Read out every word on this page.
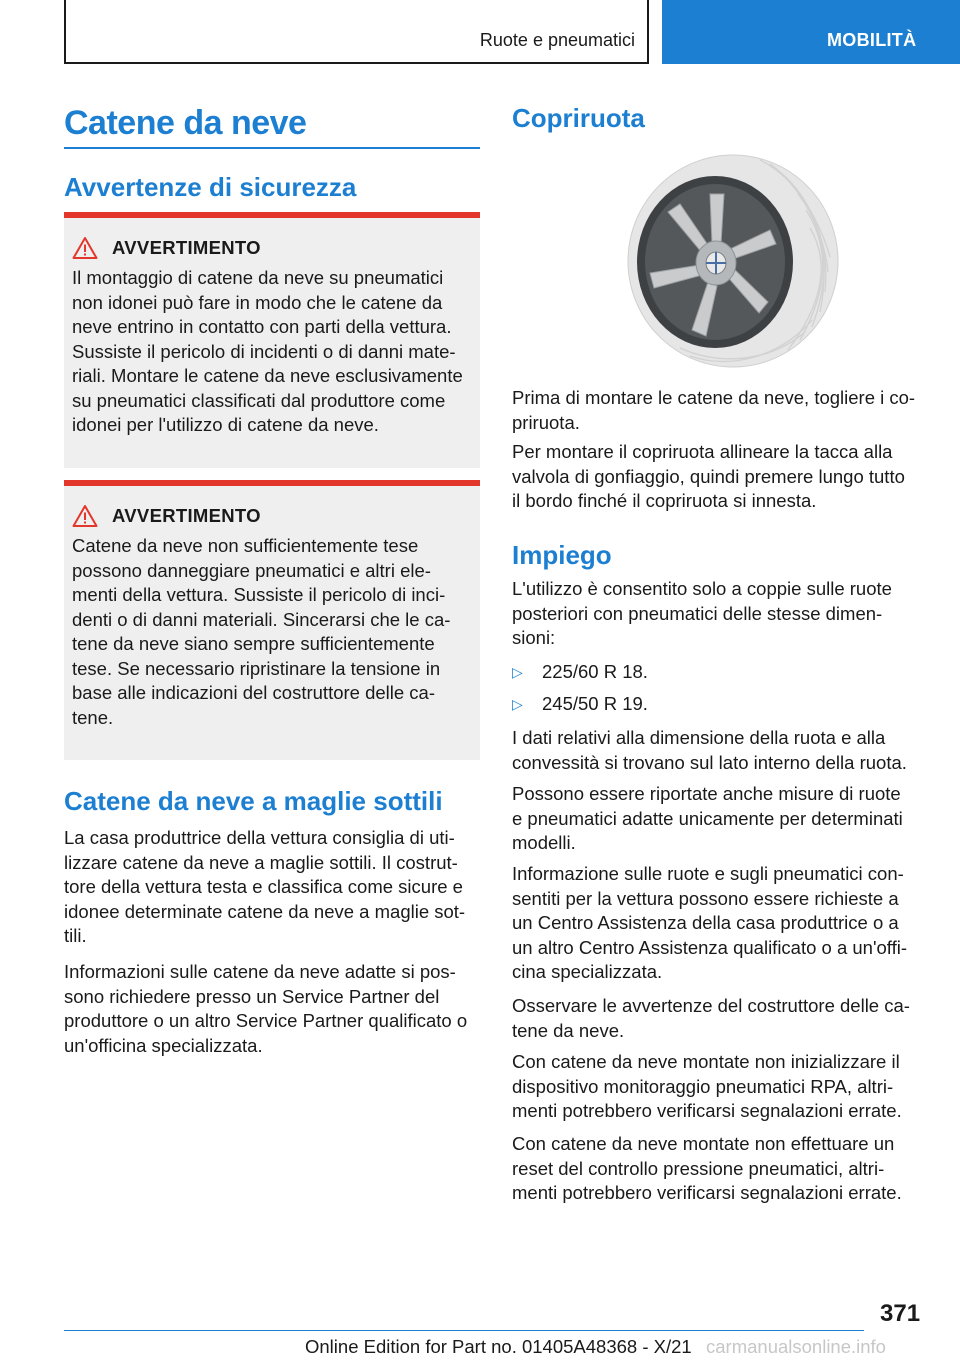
Ruote e pneumatici	MOBILITÀ
Catene da neve
Avvertenze di sicurezza
AVVERTIMENTO
Il montaggio di catene da neve su pneumatici
non idonei può fare in modo che le catene da
neve entrino in contatto con parti della vettura.
Sussiste il pericolo di incidenti o di danni mate-
riali. Montare le catene da neve esclusivamente
su pneumatici classificati dal produttore come
idonei per l'utilizzo di catene da neve.
AVVERTIMENTO
Catene da neve non sufficientemente tese
possono danneggiare pneumatici e altri ele-
menti della vettura. Sussiste il pericolo di inci-
denti o di danni materiali. Sincerarsi che le ca-
tene da neve siano sempre sufficientemente
tese. Se necessario ripristinare la tensione in
base alle indicazioni del costruttore delle ca-
tene.
Catene da neve a maglie sottili
La casa produttrice della vettura consiglia di uti-
lizzare catene da neve a maglie sottili. Il costrut-
tore della vettura testa e classifica come sicure e
idonee determinate catene da neve a maglie sot-
tili.
Informazioni sulle catene da neve adatte si pos-
sono richiedere presso un Service Partner del
produttore o un altro Service Partner qualificato o
un'officina specializzata.
Copriruota
Prima di montare le catene da neve, togliere i co-
priruota.
Per montare il copriruota allineare la tacca alla
valvola di gonfiaggio, quindi premere lungo tutto
il bordo finché il copriruota si innesta.
Impiego
L'utilizzo è consentito solo a coppie sulle ruote
posteriori con pneumatici delle stesse dimen-
sioni:
▷	225/60 R 18.
▷	245/50 R 19.
I dati relativi alla dimensione della ruota e alla
convessità si trovano sul lato interno della ruota.
Possono essere riportate anche misure di ruote
e pneumatici adatte unicamente per determinati
modelli.
Informazione sulle ruote e sugli pneumatici con-
sentiti per la vettura possono essere richieste a
un Centro Assistenza della casa produttrice o a
un altro Centro Assistenza qualificato o a un'offi-
cina specializzata.
Osservare le avvertenze del costruttore delle ca-
tene da neve.
Con catene da neve montate non inizializzare il
dispositivo monitoraggio pneumatici RPA, altri-
menti potrebbero verificarsi segnalazioni errate.
Con catene da neve montate non effettuare un
reset del controllo pressione pneumatici, altri-
menti potrebbero verificarsi segnalazioni errate.
371
Online Edition for Part no. 01405A48368 - X/21 carmanualsonline.info
